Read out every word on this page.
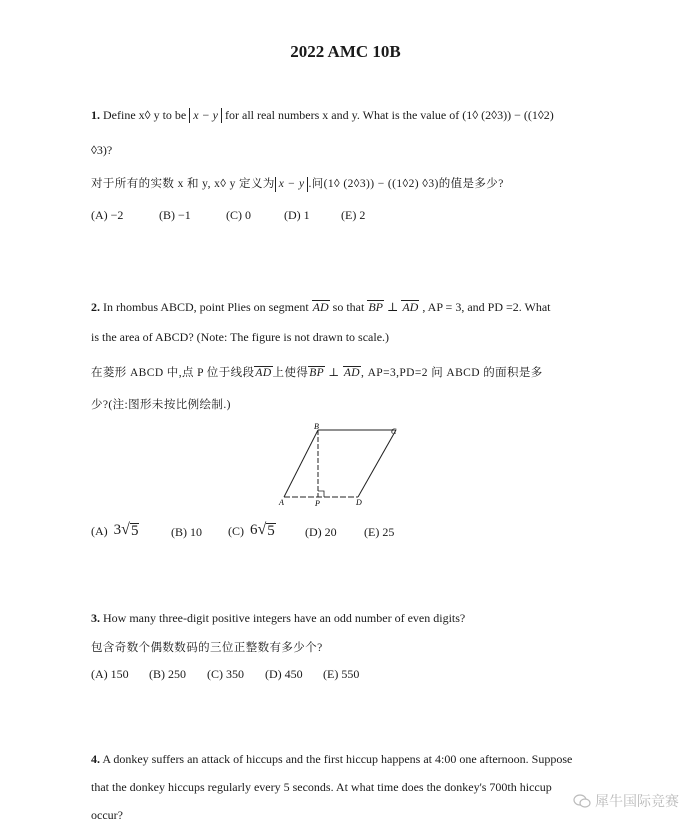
2022 AMC 10B
1. Define x◊ y to be x − y for all real numbers x and y. What is the value of (1◊ (2◊3)) − ((1◊2)
◊3)?
对于所有的实数 x 和 y, x◊ y 定义为 x − y .问(1◊ (2◊3)) − ((1◊2) ◊3)的值是多少?
(A) −2	(B) −1	(C) 0	(D) 1	(E) 2
2. In rhombus ABCD, point Plies on segment AD so that BP ⊥ AD , AP = 3, and PD =2. What
is the area of ABCD? (Note: The figure is not drawn to scale.)
在菱形 ABCD 中,点 P 位于线段AD上使得BP ⊥ AD, AP=3,PD=2 问 ABCD 的面积是多
少?(注:图形未按比例绘制.)
B
C
A	P	D
(A) 3 √ 5	(B) 10 (C) 6 √ 5	(D) 20 (E) 25
3. How many three-digit positive integers have an odd number of even digits?
包含奇数个偶数数码的三位正整数有多少个?
(A) 150 (B) 250 (C) 350 (D) 450 (E) 550
4. A donkey suffers an attack of hiccups and the first hiccup happens at 4:00 one afternoon. Suppose
that the donkey hiccups regularly every 5 seconds. At what time does the donkey's 700th hiccup
occur?
犀牛国际竞赛
